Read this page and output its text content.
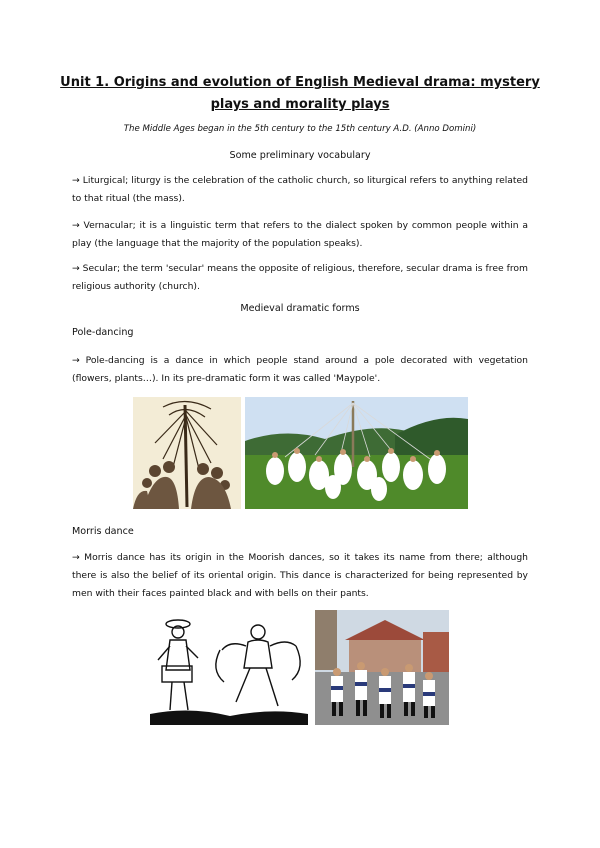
Unit 1. Origins and evolution of English Medieval drama: mystery plays and morality plays
The Middle Ages began in the 5th century to the 15th century A.D. (Anno Domini)
Some preliminary vocabulary
→ Liturgical; liturgy is the celebration of the catholic church, so liturgical refers to anything related to that ritual (the mass).
→ Vernacular; it is a linguistic term that refers to the dialect spoken by common people within a play (the language that the majority of the population speaks).
→ Secular; the term 'secular' means the opposite of religious, therefore, secular drama is free from religious authority (church).
Medieval dramatic forms
Pole-dancing
→ Pole-dancing is a dance in which people stand around a pole decorated with vegetation (flowers, plants…). In its pre-dramatic form it was called 'Maypole'.
Morris dance
→ Morris dance has its origin in the Moorish dances, so it takes its name from there; although there is also the belief of its oriental origin. This dance is characterized for being represented by men with their faces painted black and with bells on their pants.
